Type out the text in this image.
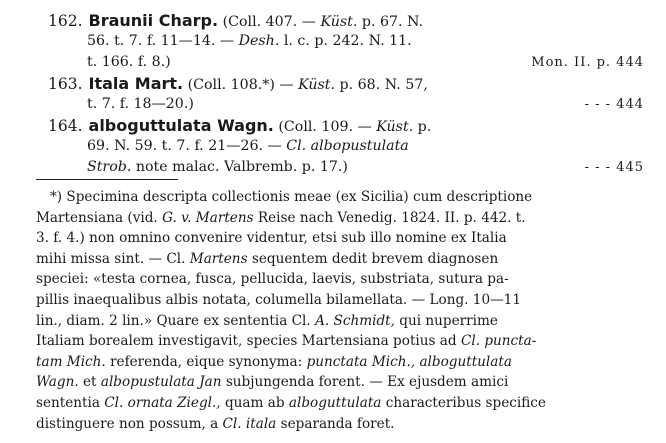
162. Braunii Charp. (Coll. 407. — Küst. p. 67. N.
56. t. 7. f. 11—14. — Desh. l. c. p. 242. N. 11.
t. 166. f. 8.)	Mon. II. p. 444
163. Itala Mart. (Coll. 108.*) — Küst. p. 68. N. 57,
t. 7. f. 18—20.)	- - - 444
164. alboguttulata Wagn. (Coll. 109. — Küst. p.
69. N. 59. t. 7. f. 21—26. — Cl. albopustulata
Strob. note malac. Valbremb. p. 17.)	- - - 445
*) Specimina descripta collectionis meae (ex Sicilia) cum descriptione
Martensiana (vid. G. v. Martens Reise nach Venedig. 1824. II. p. 442. t.
3. f. 4.) non omnino convenire videntur, etsi sub illo nomine ex Italia
mihi missa sint. — Cl. Martens sequentem dedit brevem diagnosen
speciei: «testa cornea, fusca, pellucida, laevis, substriata, sutura pa-
pillis inaequalibus albis notata, columella bilamellata. — Long. 10—11
lin., diam. 2 lin.» Quare ex sententia Cl. A. Schmidt, qui nuperrime
Italiam borealem investigavit, species Martensiana potius ad Cl. puncta-
tam Mich. referenda, eique synonyma: punctata Mich., alboguttulata
Wagn. et albopustulata Jan subjungenda forent. — Ex ejusdem amici
sententia Cl. ornata Ziegl., quam ab alboguttulata characteribus specifice
distinguere non possum, a Cl. itala separanda foret.
